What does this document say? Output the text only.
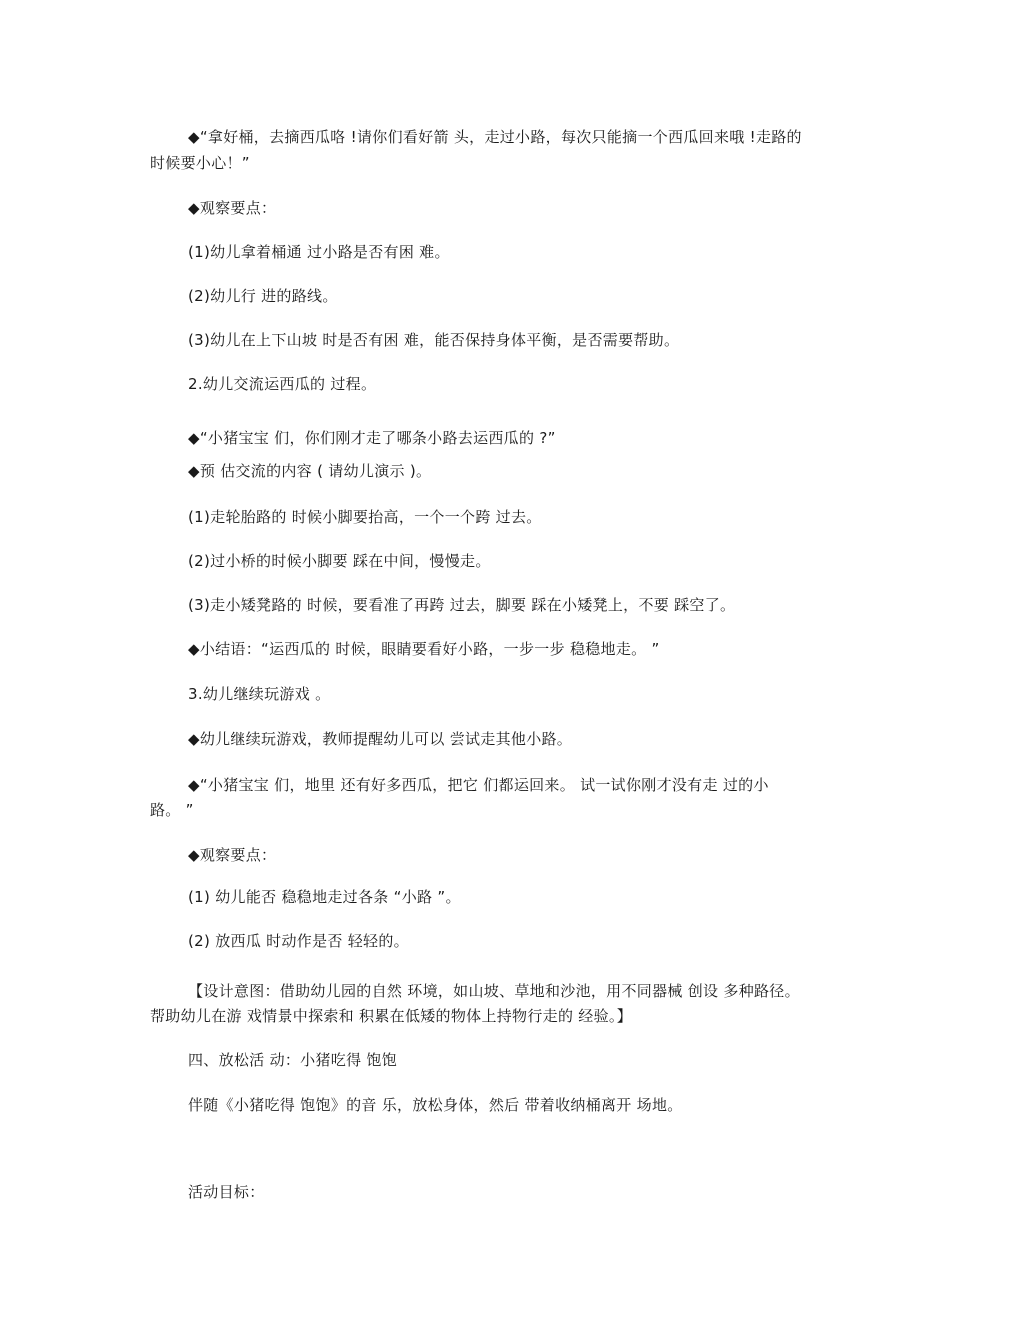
◆“拿好桶，去摘西瓜咯 !请你们看好箭 头，走过小路，每次只能摘一个西瓜回来哦 !走路的
时候要小心！”
◆观察要点：
(1)幼儿拿着桶通 过小路是否有困 难。
(2)幼儿行 进的路线。
(3)幼儿在上下山坡 时是否有困 难，能否保持身体平衡，是否需要帮助。
2.幼儿交流运西瓜的 过程。
◆“小猪宝宝 们，你们刚才走了哪条小路去运西瓜的 ?”
◆预 估交流的内容 ( 请幼儿演示 )。
(1)走轮胎路的 时候小脚要抬高，一个一个跨 过去。
(2)过小桥的时候小脚要 踩在中间，慢慢走。
(3)走小矮凳路的 时候，要看准了再跨 过去，脚要 踩在小矮凳上，不要 踩空了。
◆小结语：“运西瓜的 时候，眼睛要看好小路，一步一步 稳稳地走。 ”
3.幼儿继续玩游戏 。
◆幼儿继续玩游戏，教师提醒幼儿可以 尝试走其他小路。
◆“小猪宝宝 们，地里 还有好多西瓜，把它 们都运回来。 试一试你刚才没有走 过的小
路。 ”
◆观察要点：
(1) 幼儿能否 稳稳地走过各条 “小路 ”。
(2) 放西瓜 时动作是否 轻轻的。
【设计意图：借助幼儿园的自然 环境，如山坡、草地和沙池，用不同器械 创设 多种路径。
帮助幼儿在游 戏情景中探索和 积累在低矮的物体上持物行走的 经验。】
四、放松活 动：小猪吃得 饱饱
伴随《小猪吃得 饱饱》的音 乐，放松身体，然后 带着收纳桶离开 场地。
活动目标：
